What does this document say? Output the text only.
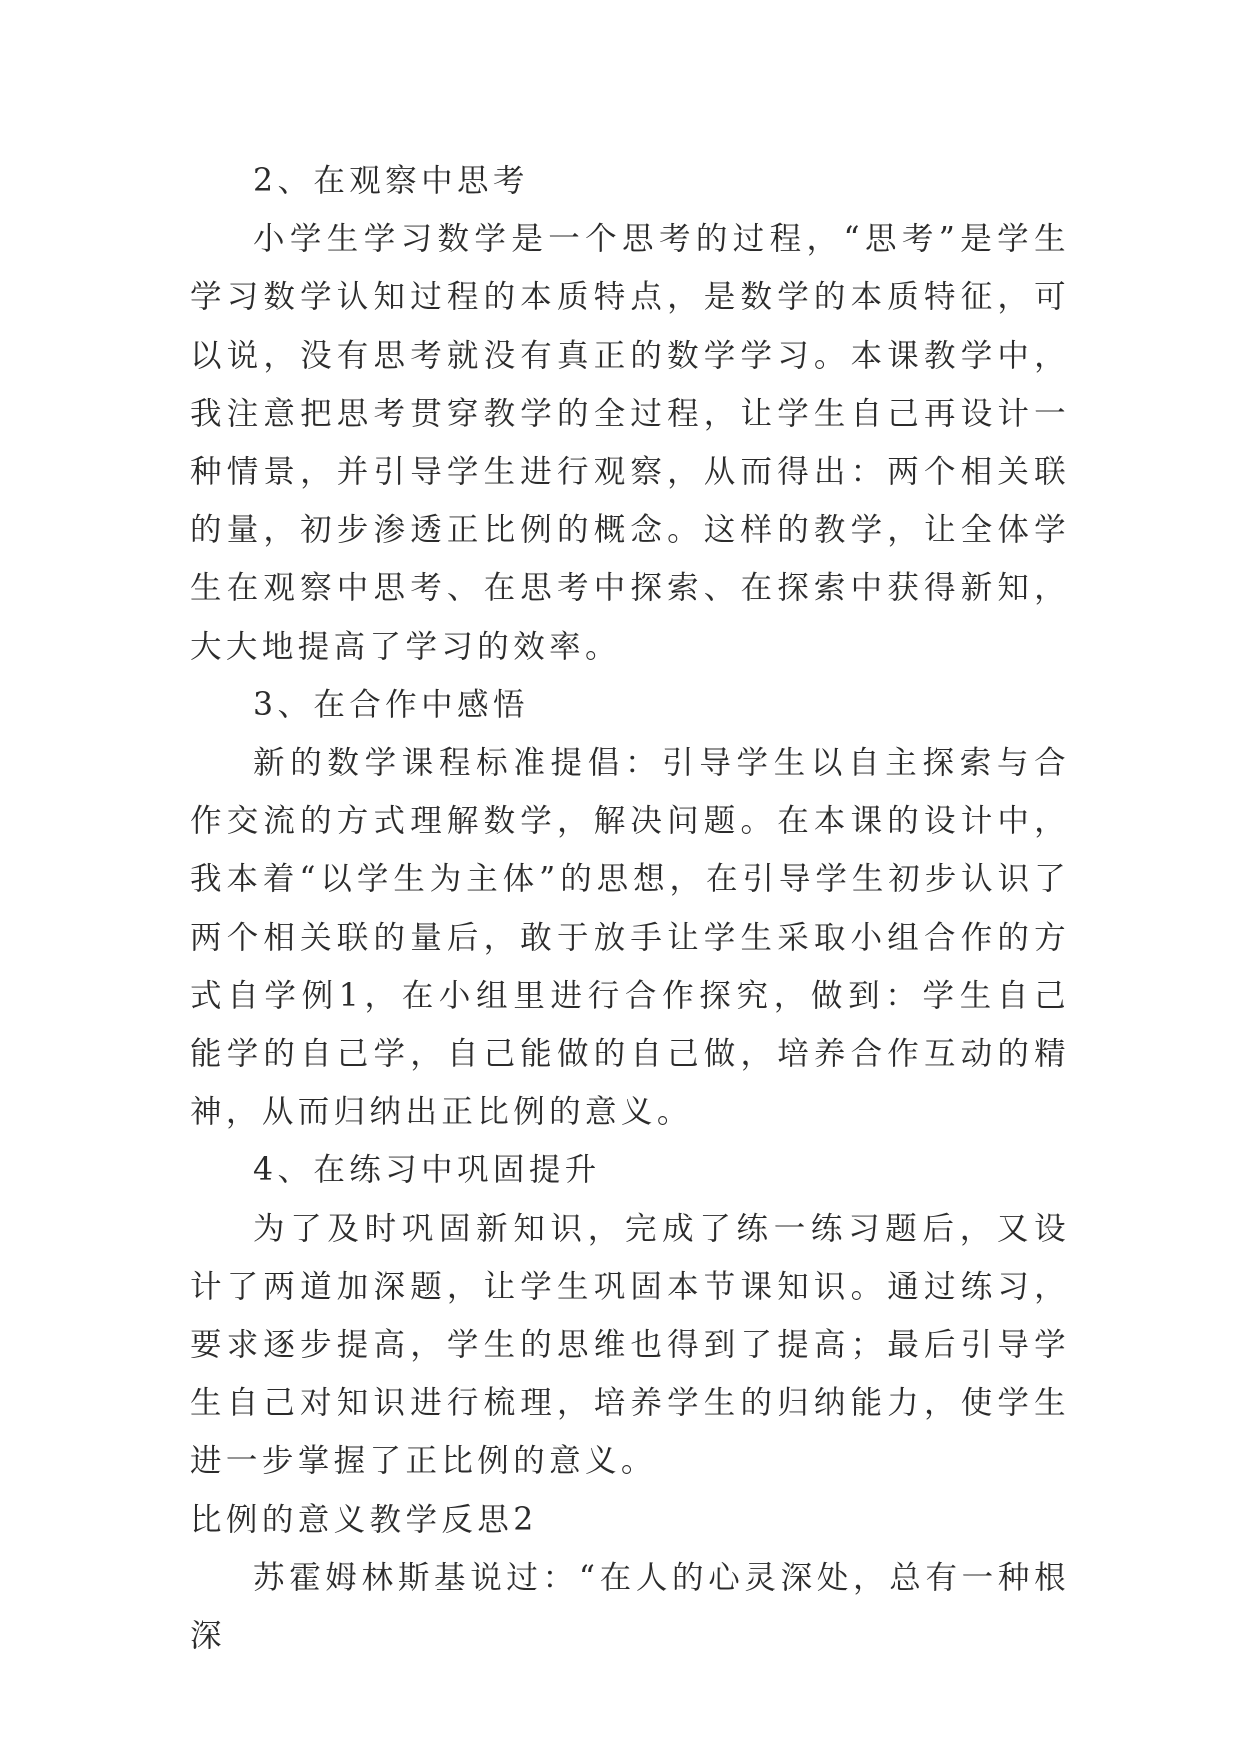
2、在观察中思考

小学生学习数学是一个思考的过程，“思考”是学生学习数学认知过程的本质特点，是数学的本质特征，可以说，没有思考就没有真正的数学学习。本课教学中，我注意把思考贯穿教学的全过程，让学生自己再设计一种情景，并引导学生进行观察，从而得出：两个相关联的量，初步渗透正比例的概念。这样的教学，让全体学生在观察中思考、在思考中探索、在探索中获得新知，大大地提高了学习的效率。

3、在合作中感悟

新的数学课程标准提倡：引导学生以自主探索与合作交流的方式理解数学，解决问题。在本课的设计中，我本着“以学生为主体”的思想，在引导学生初步认识了两个相关联的量后，敢于放手让学生采取小组合作的方式自学例1，在小组里进行合作探究，做到：学生自己能学的自己学，自己能做的自己做，培养合作互动的精神，从而归纳出正比例的意义。

4、在练习中巩固提升

为了及时巩固新知识，完成了练一练习题后，又设计了两道加深题，让学生巩固本节课知识。通过练习，要求逐步提高，学生的思维也得到了提高；最后引导学生自己对知识进行梳理，培养学生的归纳能力，使学生进一步掌握了正比例的意义。

比例的意义教学反思2

苏霍姆林斯基说过：“在人的心灵深处，总有一种根深
